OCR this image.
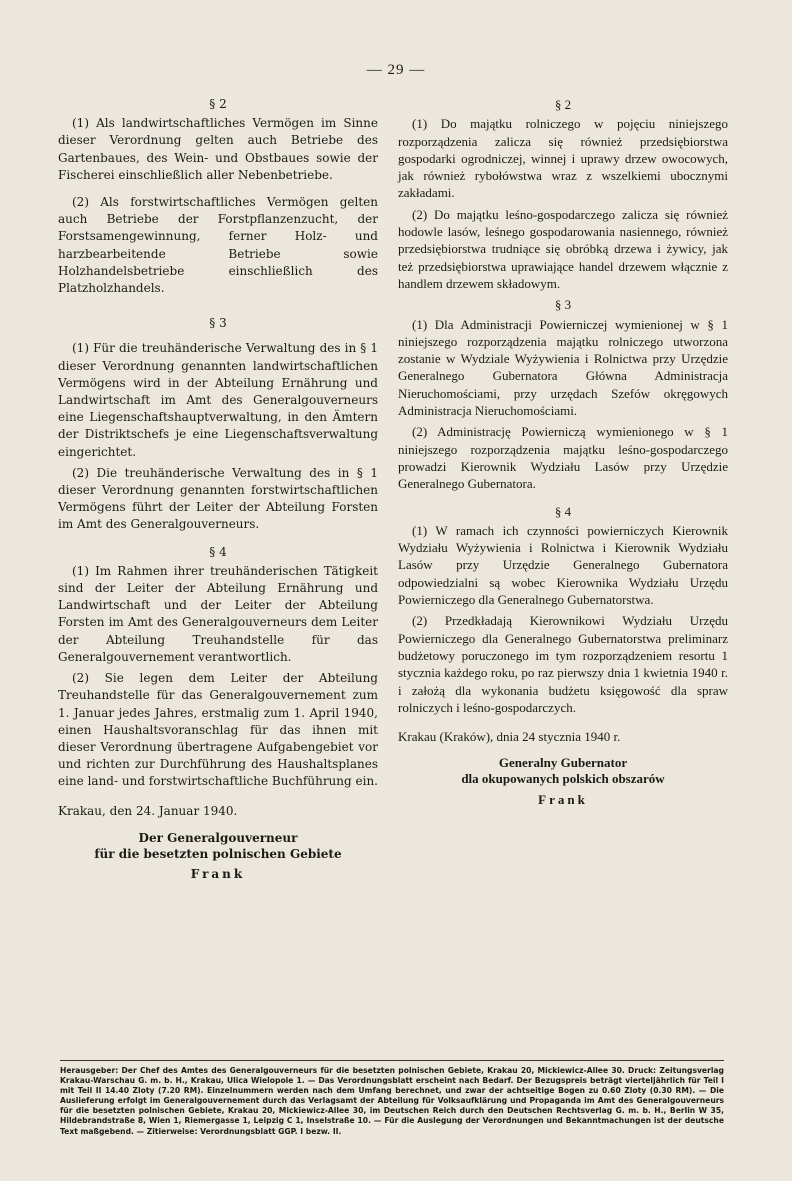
— 29 —
§ 2

(1) Als landwirtschaftliches Vermögen im Sinne dieser Verordnung gelten auch Betriebe des Gartenbaues, des Wein- und Obstbaues sowie der Fischerei einschließlich aller Nebenbetriebe.

(2) Als forstwirtschaftliches Vermögen gelten auch Betriebe der Forstpflanzenzucht, der Forstsamengewinnung, ferner Holz- und harzbearbeitende Betriebe sowie Holzhandelsbetriebe einschließlich des Platzholzhandels.

§ 3

(1) Für die treuhänderische Verwaltung des in § 1 dieser Verordnung genannten landwirtschaftlichen Vermögens wird in der Abteilung Ernährung und Landwirtschaft im Amt des Generalgouverneurs eine Liegenschaftshauptverwaltung, in den Ämtern der Distriktschefs je eine Liegenschaftsverwaltung eingerichtet.

(2) Die treuhänderische Verwaltung des in § 1 dieser Verordnung genannten forstwirtschaftlichen Vermögens führt der Leiter der Abteilung Forsten im Amt des Generalgouverneurs.

§ 4

(1) Im Rahmen ihrer treuhänderischen Tätigkeit sind der Leiter der Abteilung Ernährung und Landwirtschaft und der Leiter der Abteilung Forsten im Amt des Generalgouverneurs dem Leiter der Abteilung Treuhandstelle für das Generalgouvernement verantwortlich.

(2) Sie legen dem Leiter der Abteilung Treuhandstelle für das Generalgouvernement zum 1. Januar jedes Jahres, erstmalig zum 1. April 1940, einen Haushaltsvoranschlag für das ihnen mit dieser Verordnung übertragene Aufgabengebiet vor und richten zur Durchführung des Haushaltsplanes eine land- und forstwirtschaftliche Buchführung ein.

Krakau, den 24. Januar 1940.

Der Generalgouverneur
für die besetzten polnischen Gebiete
Frank
§ 2

(1) Do majątku rolniczego w pojęciu niniejszego rozporządzenia zalicza się również przedsiębiorstwa gospodarki ogrodniczej, winnej i uprawy drzew owocowych, jak również rybołówstwa wraz z wszelkiemi ubocznymi zakładami.

(2) Do majątku leśno-gospodarczego zalicza się również hodowle lasów, leśnego gospodarowania nasiennego, również przedsiębiorstwa trudniące się obróbką drzewa i żywicy, jak też przedsiębiorstwa uprawiające handel drzewem włącznie z handlem drzewem składowym.

§ 3

(1) Dla Administracji Powierniczej wymienionej w § 1 niniejszego rozporządzenia majątku rolniczego utworzona zostanie w Wydziale Wyżywienia i Rolnictwa przy Urzędzie Generalnego Gubernatora Główna Administracja Nieruchomościami, przy urzędach Szefów okręgowych Administracja Nieruchomościami.

(2) Administrację Powierniczą wymienionego w § 1 niniejszego rozporządzenia majątku leśno-gospodarczego prowadzi Kierownik Wydziału Lasów przy Urzędzie Generalnego Gubernatora.

§ 4

(1) W ramach ich czynności powierniczych Kierownik Wydziału Wyżywienia i Rolnictwa i Kierownik Wydziału Lasów przy Urzędzie Generalnego Gubernatora odpowiedzialni są wobec Kierownika Wydziału Urzędu Powierniczego dla Generalnego Gubernatorstwa.

(2) Przedkładają Kierownikowi Wydziału Urzędu Powierniczego dla Generalnego Gubernatorstwa preliminarz budżetowy poruczonego im tym rozporządzeniem resortu 1 stycznia każdego roku, po raz pierwszy dnia 1 kwietnia 1940 r. i założą dla wykonania budżetu księgowość dla spraw rolniczych i leśno-gospodarczych.

Krakau (Kraków), dnia 24 stycznia 1940 r.

Generalny Gubernator
dla okupowanych polskich obszarów
Frank
Herausgeber: Der Chef des Amtes des Generalgouverneurs für die besetzten polnischen Gebiete, Krakau 20, Mickiewicz-Allee 30. Druck: Zeitungsverlag Krakau-Warschau G. m. b. H., Krakau, Ulica Wielopole 1. — Das Verordnungsblatt erscheint nach Bedarf. Der Bezugspreis beträgt vierteljährlich für Teil I mit Teil II 14.40 Zloty (7.20 RM). Einzelnummern werden nach dem Umfang berechnet, und zwar der achtseitige Bogen zu 0.60 Zloty (0.30 RM). — Die Auslieferung erfolgt im Generalgouvernement durch das Verlagsamt der Abteilung für Volksaufklärung und Propaganda im Amt des Generalgouverneurs für die besetzten polnischen Gebiete, Krakau 20, Mickiewicz-Allee 30, im Deutschen Reich durch den Deutschen Rechtsverlag G. m. b. H., Berlin W 35, Hildebrandstraße 8, Wien 1, Riemergasse 1, Leipzig C 1, Inselstraße 10. — Für die Auslegung der Verordnungen und Bekanntmachungen ist der deutsche Text maßgebend. — Zitierweise: Verordnungsblatt GGP. I bezw. II.
